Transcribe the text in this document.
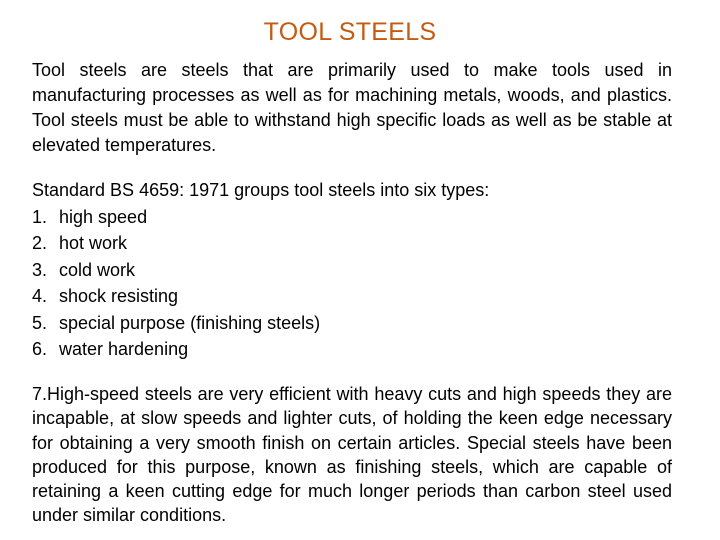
TOOL STEELS

Tool steels are steels that are primarily used to make tools used in manufacturing processes as well as for machining metals, woods, and plastics. Tool steels must be able to withstand high specific loads as well as be stable at elevated temperatures.

Standard BS 4659: 1971 groups tool steels into six types:
1. high speed
2. hot work
3. cold work
4. shock resisting
5. special purpose (finishing steels)
6. water hardening

7.High-speed steels are very efficient with heavy cuts and high speeds they are incapable, at slow speeds and lighter cuts, of holding the keen edge necessary for obtaining a very smooth finish on certain articles. Special steels have been produced for this purpose, known as finishing steels, which are capable of retaining a keen cutting edge for much longer periods than carbon steel used under similar conditions.
